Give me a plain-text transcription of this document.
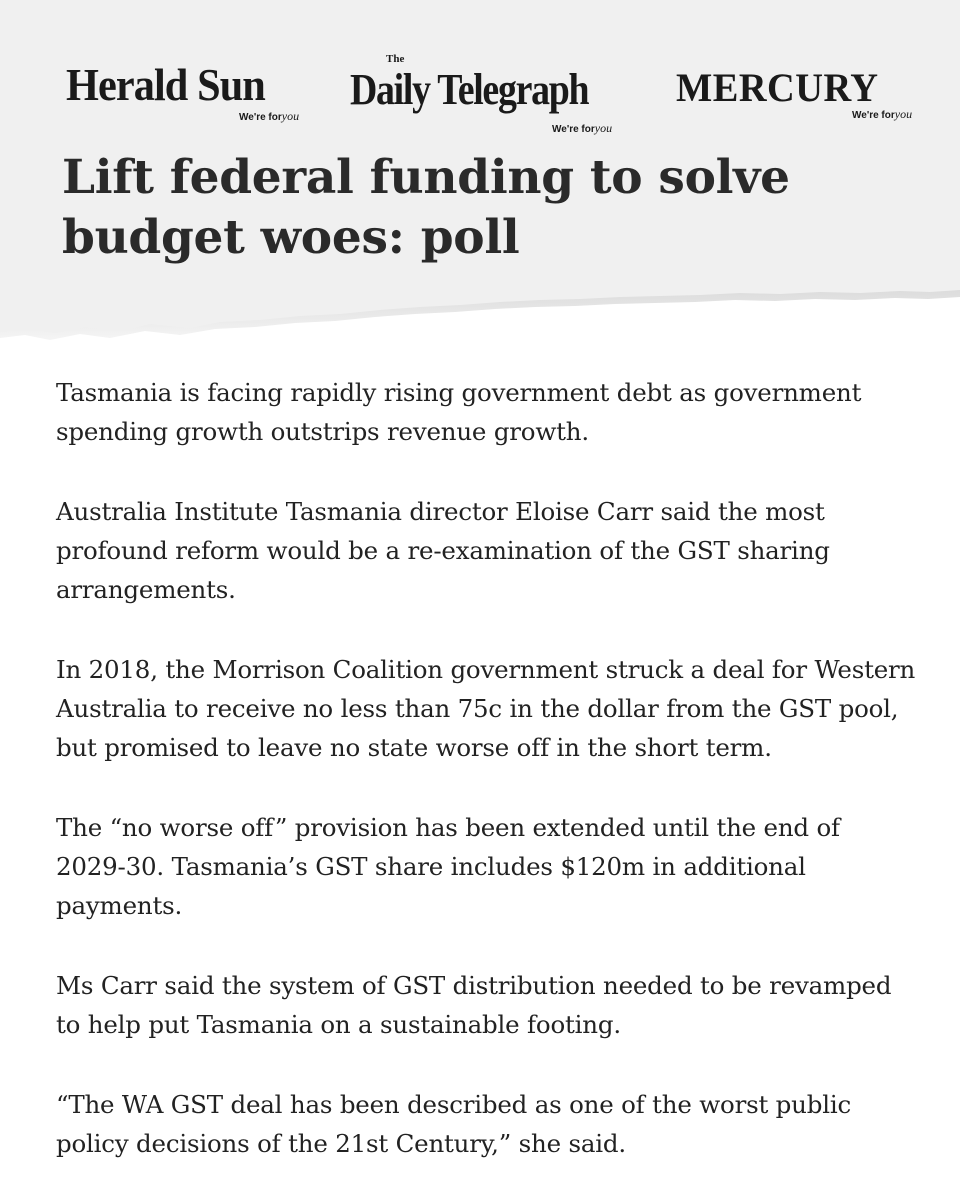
Herald Sun
We're foryou
The
Daily Telegraph
We're foryou
MERCURY
We're foryou
Lift federal funding to solve budget woes: poll

Tasmania is facing rapidly rising government debt as government spending growth outstrips revenue growth.

Australia Institute Tasmania director Eloise Carr said the most profound reform would be a re-examination of the GST sharing arrangements.

In 2018, the Morrison Coalition government struck a deal for Western Australia to receive no less than 75c in the dollar from the GST pool, but promised to leave no state worse off in the short term.

The “no worse off” provision has been extended until the end of 2029-30. Tasmania’s GST share includes $120m in additional payments.

Ms Carr said the system of GST distribution needed to be revamped to help put Tasmania on a sustainable footing.

“The WA GST deal has been described as one of the worst public policy decisions of the 21st Century,” she said.
